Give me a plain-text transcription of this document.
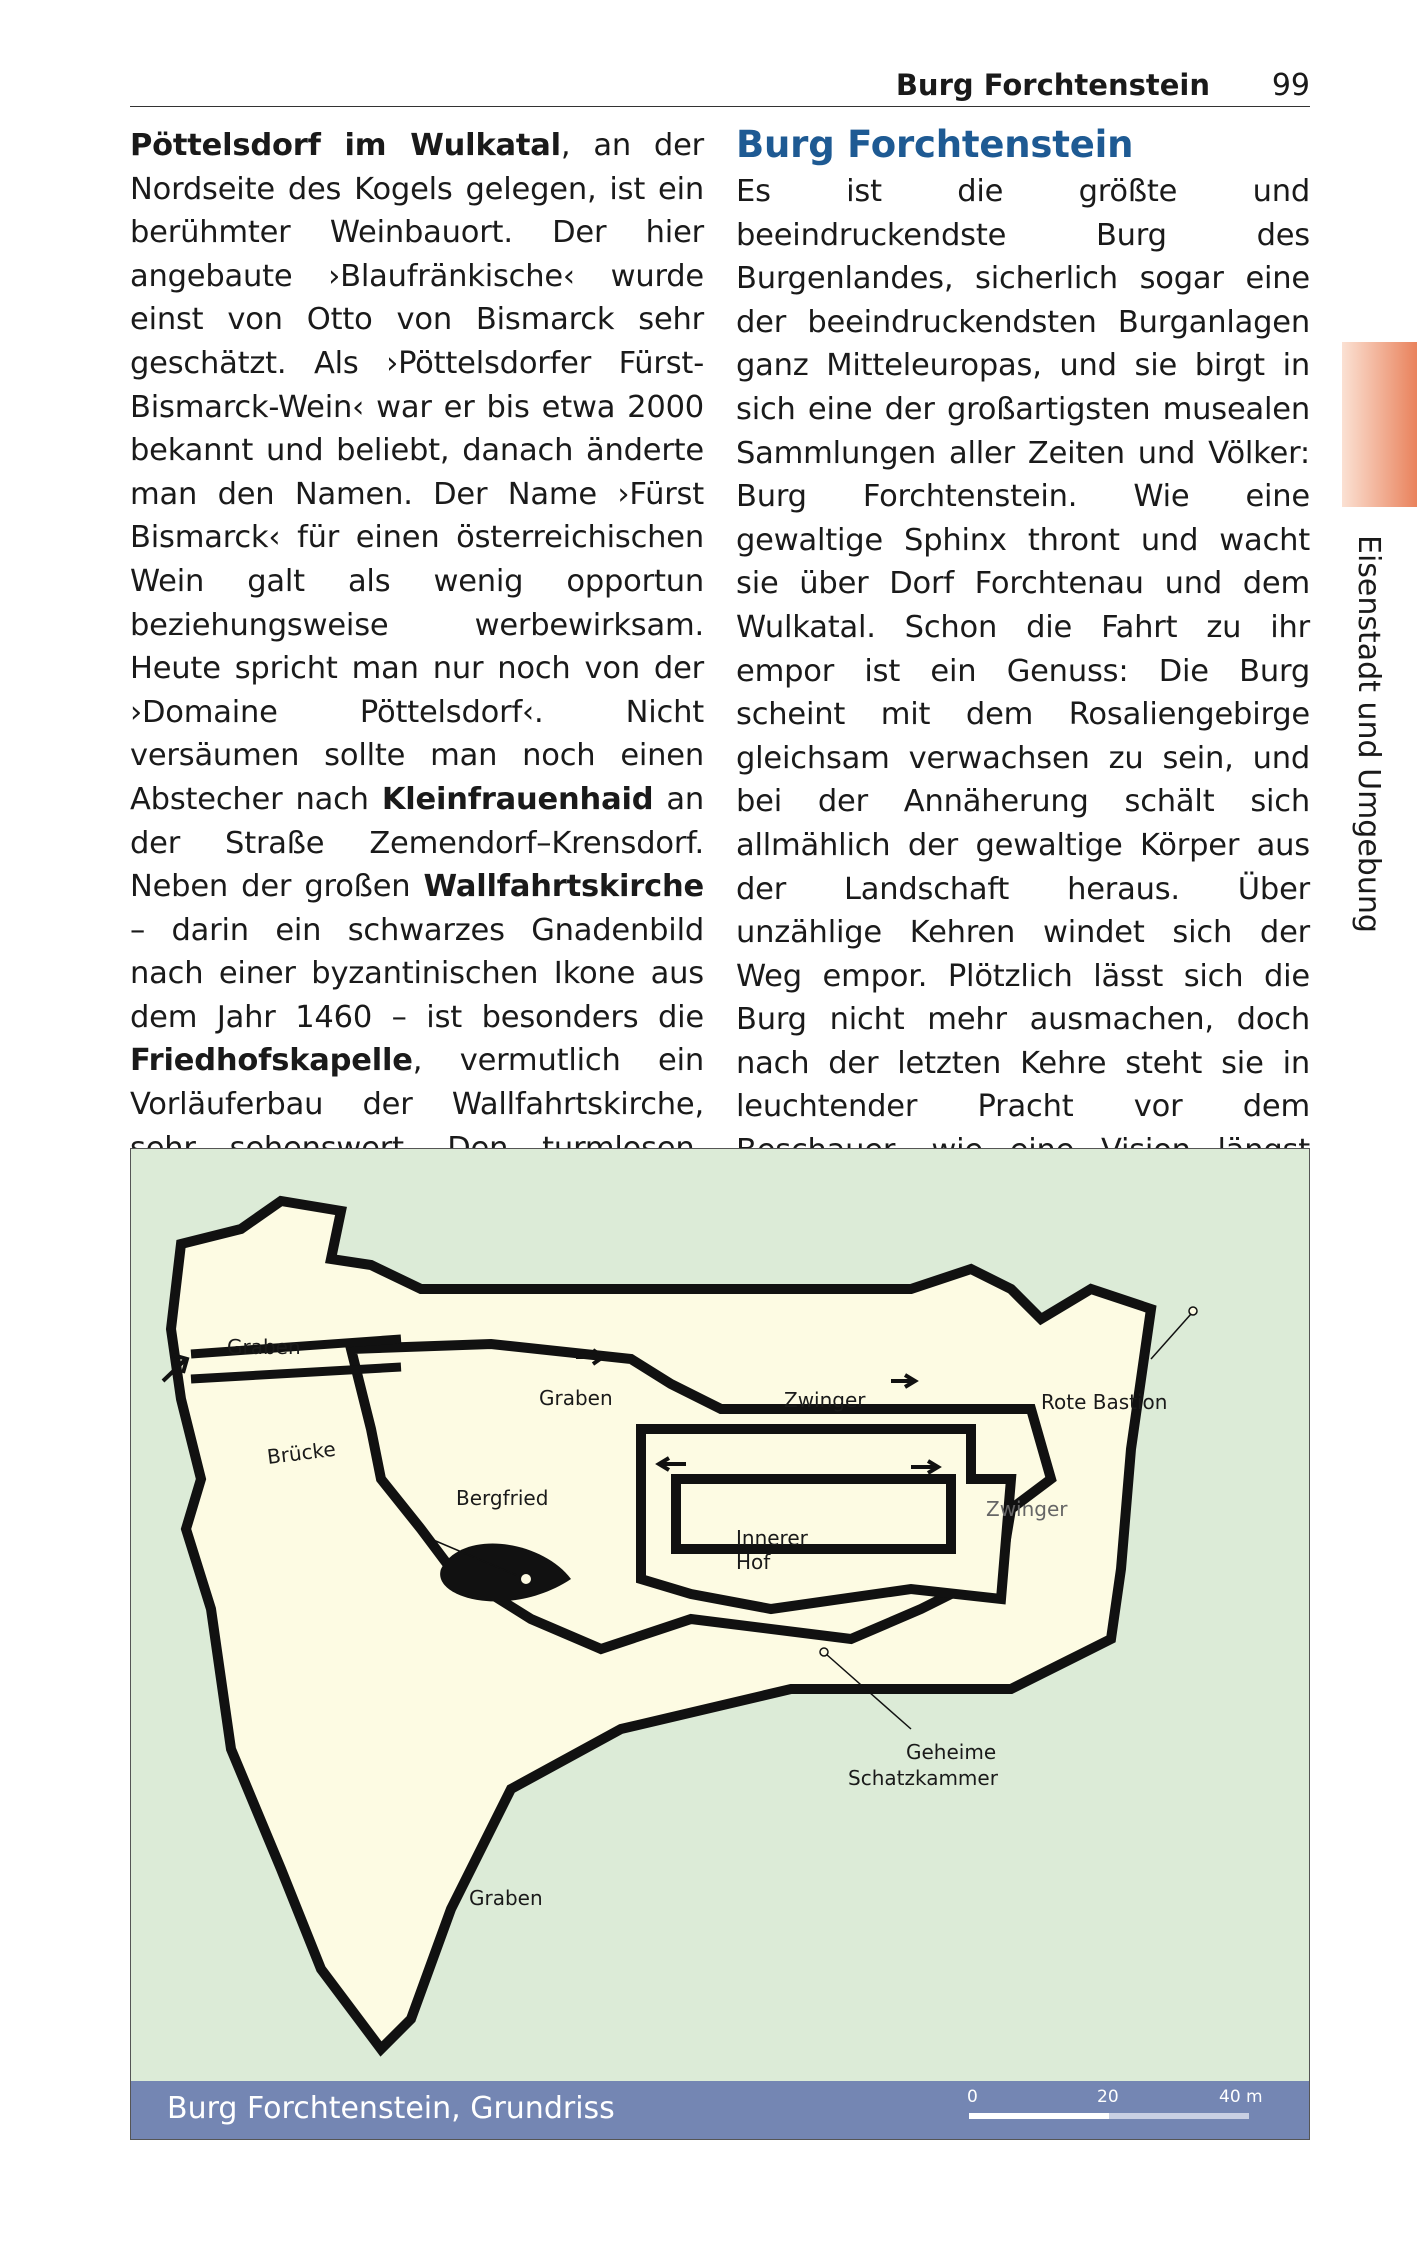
Burg Forchtenstein 99

Pöttelsdorf im Wulkatal, an der Nordseite des Kogels gelegen, ist ein berühmter Weinbauort. Der hier angebaute ›Blaufränkische‹ wurde einst von Otto von Bismarck sehr geschätzt. Als ›Pöttelsdorfer Fürst-Bismarck-Wein‹ war er bis etwa 2000 bekannt und beliebt, danach änderte man den Namen. Der Name ›Fürst Bismarck‹ für einen österreichischen Wein galt als wenig opportun beziehungsweise werbewirksam. Heute spricht man nur noch von der ›Domaine Pöttelsdorf‹. Nicht versäumen sollte man noch einen Abstecher nach Kleinfrauenhaid an der Straße Zemendorf–Krensdorf. Neben der großen Wallfahrtskirche – darin ein schwarzes Gnadenbild nach einer byzantinischen Ikone aus dem Jahr 1460 – ist besonders die Friedhofskapelle, vermutlich ein Vorläuferbau der Wallfahrtskirche,

Burg Forchtenstein

Es ist die größte und beeindruckendste Burg des Burgenlandes, sicherlich sogar eine der beeindruckendsten Burganlagen ganz Mitteleuropas, und sie birgt in sich eine der großartigsten musealen Sammlungen aller Zeiten und Völker: Burg Forchtenstein. Wie eine gewaltige Sphinx thront und wacht sie über Dorf Forchtenau und dem Wulkatal. Schon die Fahrt zu ihr empor ist ein Genuss: Die Burg scheint mit dem Rosaliengebirge gleichsam verwachsen zu sein, und bei der Annäherung schält sich allmählich der gewaltige Körper aus der Landschaft heraus. Über unzählige Kehren windet sich der Weg empor. Plötzlich lässt sich die Burg nicht mehr ausmachen, doch nach der letzten Kehre steht sie in leuchtender Pracht vor dem

Eisenstadt und Umgebung
Graben
Graben	Zwinger	Rote Bastion
Brücke
Bergfried	Zwinger
Innerer
Hof
Geheime
Schatzkammer
Graben
Burg Forchtenstein, Grundriss	0	20	40 m
